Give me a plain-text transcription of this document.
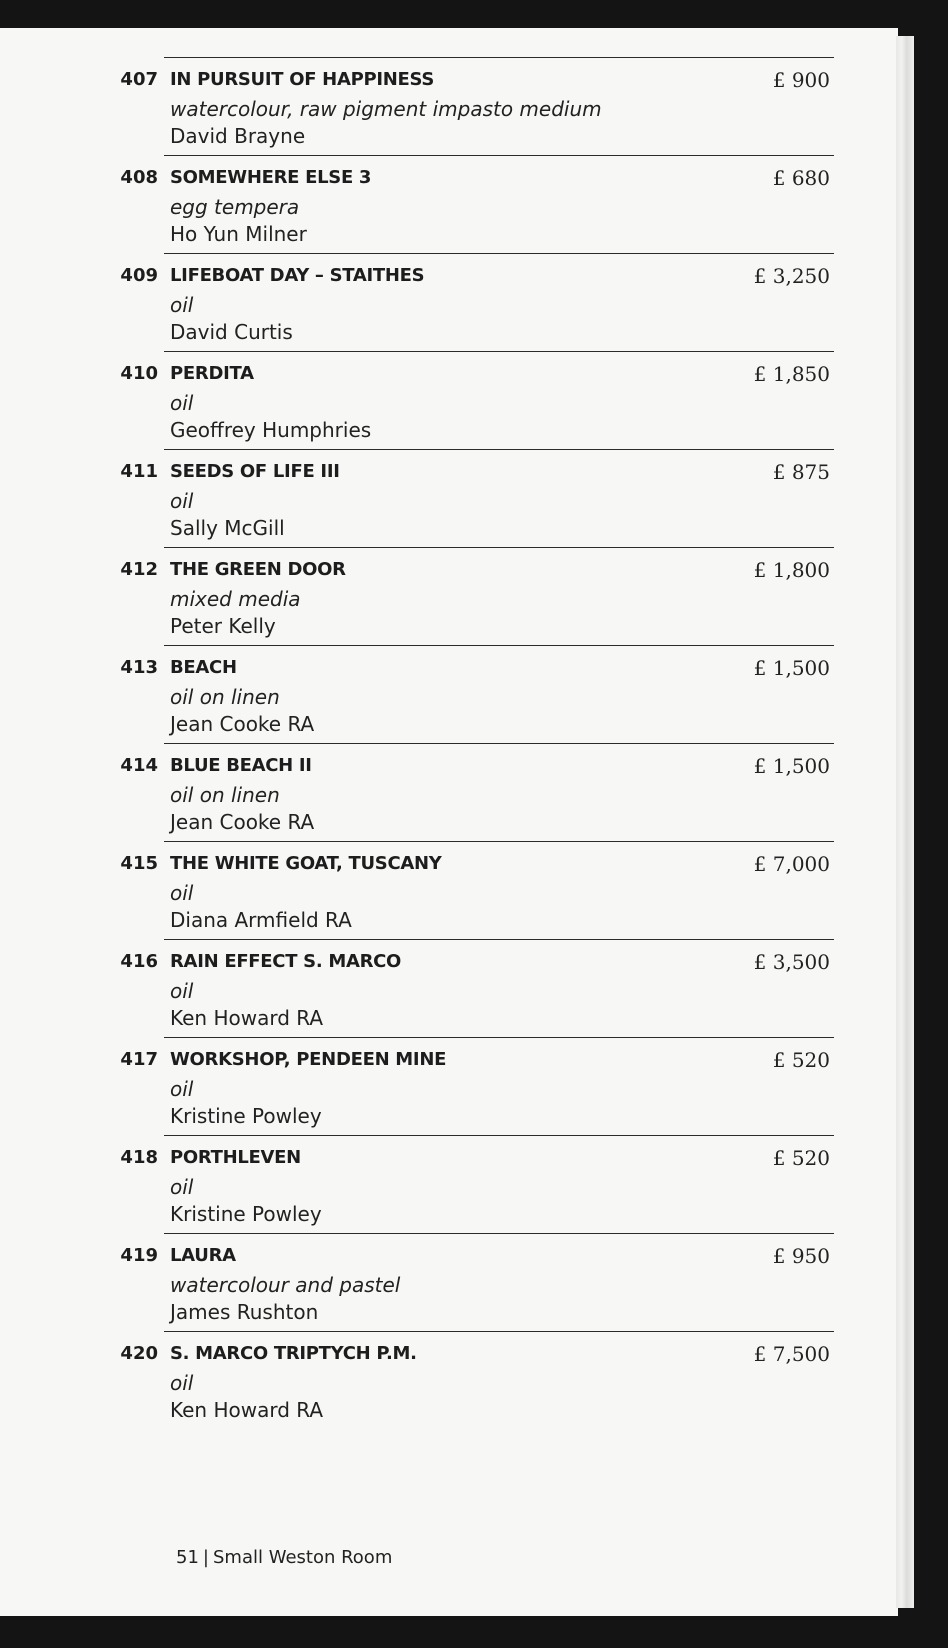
407 IN PURSUIT OF HAPPINESS
watercolour, raw pigment impasto medium
David Brayne
£ 900
408 SOMEWHERE ELSE 3
egg tempera
Ho Yun Milner
£ 680
409 LIFEBOAT DAY – STAITHES
oil
David Curtis
£ 3,250
410 PERDITA
oil
Geoffrey Humphries
£ 1,850
411 SEEDS OF LIFE III
oil
Sally McGill
£ 875
412 THE GREEN DOOR
mixed media
Peter Kelly
£ 1,800
413 BEACH
oil on linen
Jean Cooke RA
£ 1,500
414 BLUE BEACH II
oil on linen
Jean Cooke RA
£ 1,500
415 THE WHITE GOAT, TUSCANY
oil
Diana Armfield RA
£ 7,000
416 RAIN EFFECT S. MARCO
oil
Ken Howard RA
£ 3,500
417 WORKSHOP, PENDEEN MINE
oil
Kristine Powley
£ 520
418 PORTHLEVEN
oil
Kristine Powley
£ 520
419 LAURA
watercolour and pastel
James Rushton
£ 950
420 S. MARCO TRIPTYCH P.M.
oil
Ken Howard RA
£ 7,500
51 | Small Weston Room
